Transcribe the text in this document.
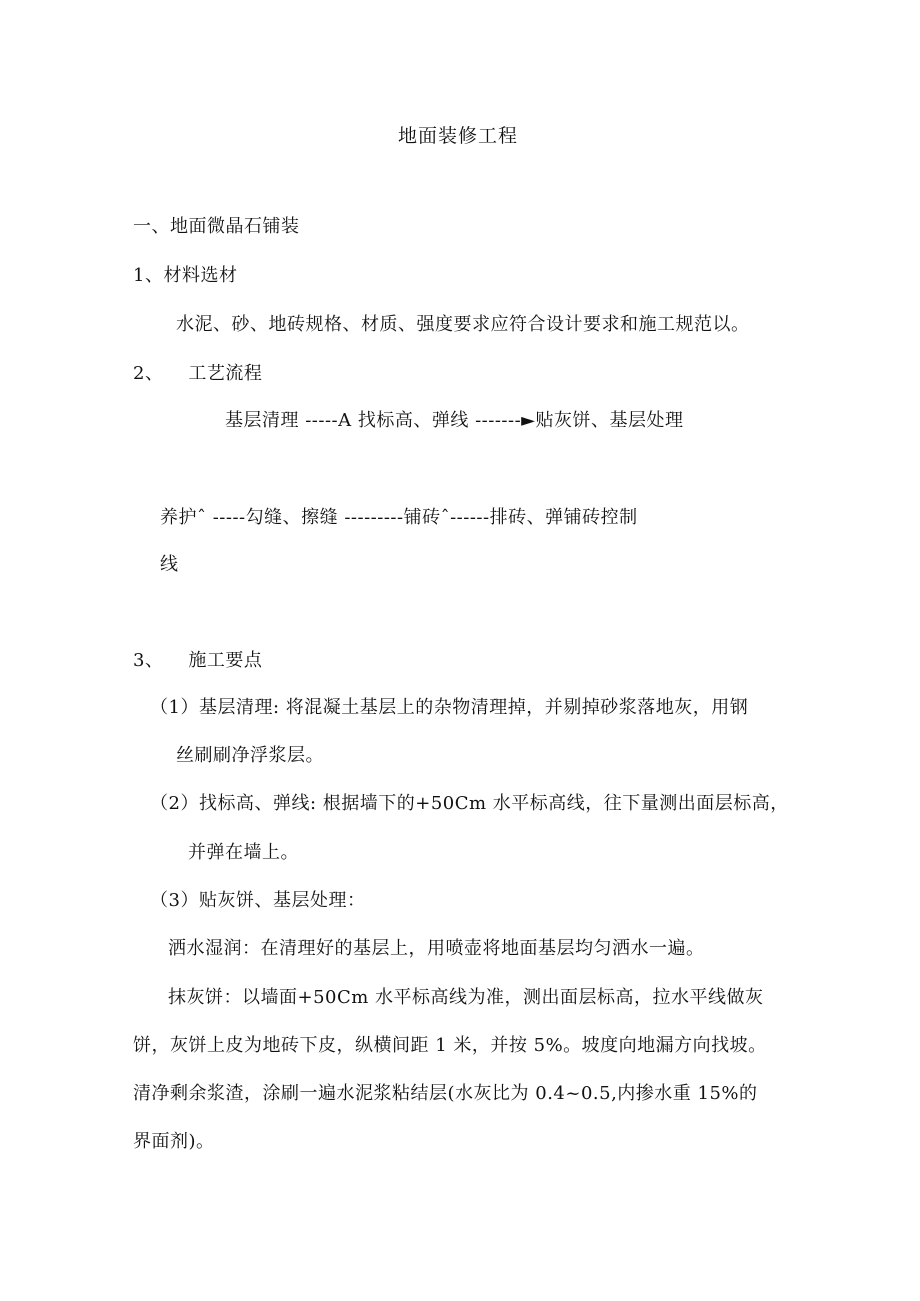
地面装修工程
一、地面微晶石铺装
1、材料选材
水泥、砂、地砖规格、材质、强度要求应符合设计要求和施工规范以。
2、    工艺流程
基层清理 -----A 找标高、弹线 -------►贴灰饼、基层处理
养护ˆ -----勾缝、擦缝 ---------铺砖ˆ------排砖、弹铺砖控制
线
3、    施工要点
（1）基层清理: 将混凝土基层上的杂物清理掉，并剔掉砂浆落地灰，用钢
丝刷刷净浮浆层。
（2）找标高、弹线: 根据墙下的+50Cm 水平标高线，往下量测出面层标高，
并弹在墙上。
（3）贴灰饼、基层处理：
洒水湿润：在清理好的基层上，用喷壶将地面基层均匀洒水一遍。
抹灰饼：以墙面+50Cm 水平标高线为准，测出面层标高，拉水平线做灰
饼，灰饼上皮为地砖下皮，纵横间距 1 米，并按 5%。坡度向地漏方向找坡。
清净剩余浆渣，涂刷一遍水泥浆粘结层(水灰比为 0.4~0.5,内掺水重 15%的
界面剂)。
